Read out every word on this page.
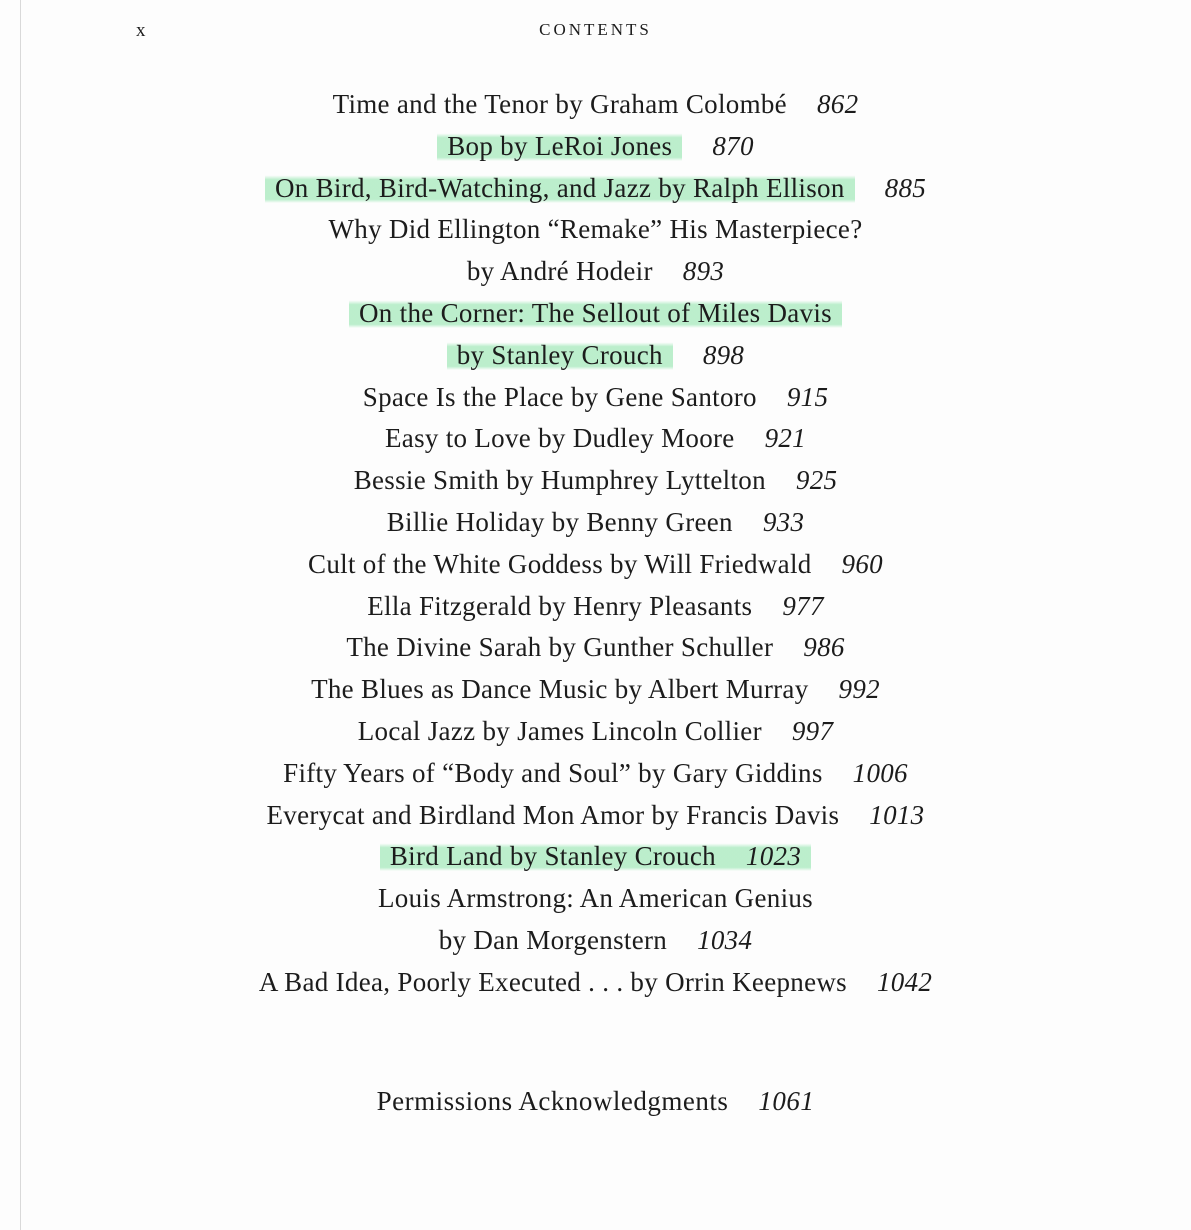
x	CONTENTS
Time and the Tenor by Graham Colombé 862
Bop by LeRoi Jones 870
On Bird, Bird-Watching, and Jazz by Ralph Ellison 885
Why Did Ellington “Remake” His Masterpiece?
by André Hodeir 893
On the Corner: The Sellout of Miles Davis
by Stanley Crouch 898
Space Is the Place by Gene Santoro 915
Easy to Love by Dudley Moore 921
Bessie Smith by Humphrey Lyttelton 925
Billie Holiday by Benny Green 933
Cult of the White Goddess by Will Friedwald 960
Ella Fitzgerald by Henry Pleasants 977
The Divine Sarah by Gunther Schuller 986
The Blues as Dance Music by Albert Murray 992
Local Jazz by James Lincoln Collier 997
Fifty Years of “Body and Soul” by Gary Giddins 1006
Everycat and Birdland Mon Amor by Francis Davis 1013
Bird Land by Stanley Crouch 1023
Louis Armstrong: An American Genius
by Dan Morgenstern 1034
A Bad Idea, Poorly Executed . . . by Orrin Keepnews 1042
Permissions Acknowledgments 1061
